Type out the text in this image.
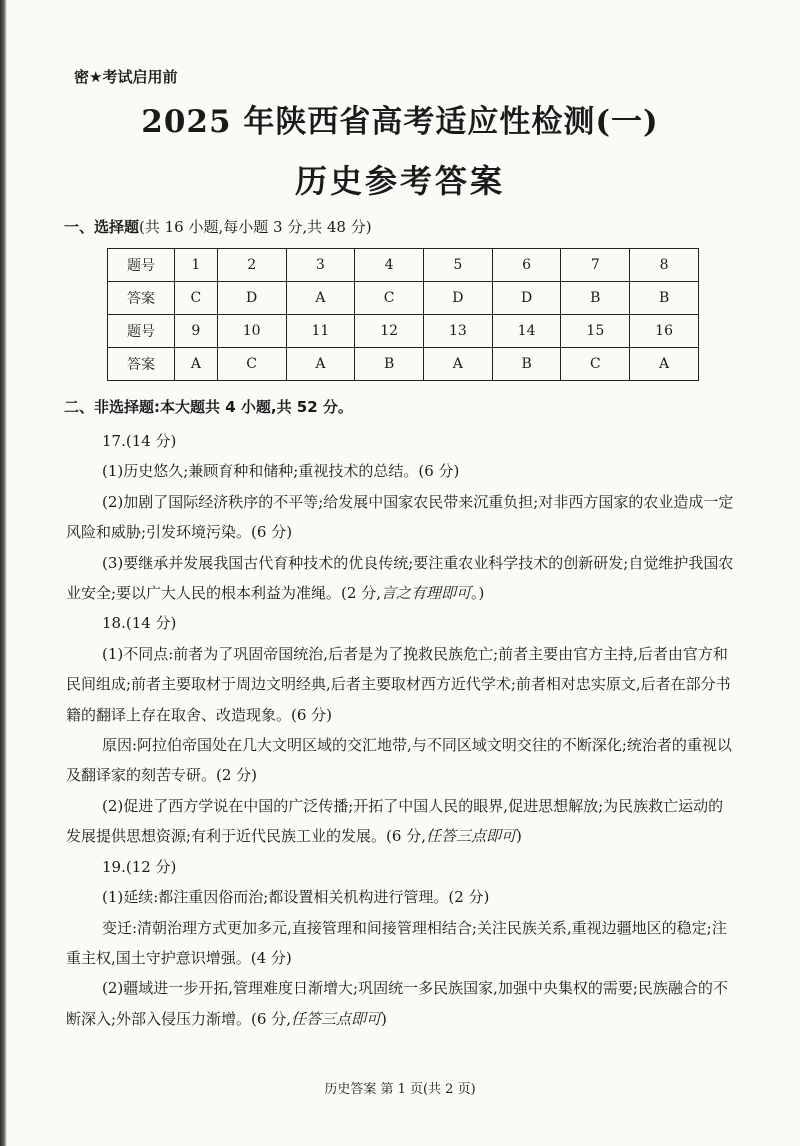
密★考试启用前
2025 年陕西省高考适应性检测(一)
历史参考答案
一、选择题(共 16 小题,每小题 3 分,共 48 分)
题号	1	2	3	4	5	6	7	8
答案	C	D	A	C	D	D	B	B
题号	9	10	11	12	13	14	15	16
答案	A	C	A	B	A	B	C	A
二、非选择题:本大题共 4 小题,共 52 分。

17.(14 分)

(1)历史悠久;兼顾育种和储种;重视技术的总结。(6 分)

(2)加剧了国际经济秩序的不平等;给发展中国家农民带来沉重负担;对非西方国家的农业造成一定风险和威胁;引发环境污染。(6 分)

(3)要继承并发展我国古代育种技术的优良传统;要注重农业科学技术的创新研发;自觉维护我国农业安全;要以广大人民的根本利益为准绳。(2 分,言之有理即可。)

18.(14 分)

(1)不同点:前者为了巩固帝国统治,后者是为了挽救民族危亡;前者主要由官方主持,后者由官方和民间组成;前者主要取材于周边文明经典,后者主要取材西方近代学术;前者相对忠实原文,后者在部分书籍的翻译上存在取舍、改造现象。(6 分)

原因:阿拉伯帝国处在几大文明区域的交汇地带,与不同区域文明交往的不断深化;统治者的重视以及翻译家的刻苦专研。(2 分)

(2)促进了西方学说在中国的广泛传播;开拓了中国人民的眼界,促进思想解放;为民族救亡运动的发展提供思想资源;有利于近代民族工业的发展。(6 分,任答三点即可)

19.(12 分)

(1)延续:都注重因俗而治;都设置相关机构进行管理。(2 分)

变迁:清朝治理方式更加多元,直接管理和间接管理相结合;关注民族关系,重视边疆地区的稳定;注重主权,国土守护意识增强。(4 分)

(2)疆域进一步开拓,管理难度日渐增大;巩固统一多民族国家,加强中央集权的需要;民族融合的不断深入;外部入侵压力渐增。(6 分,任答三点即可)

历史答案 第 1 页(共 2 页)
